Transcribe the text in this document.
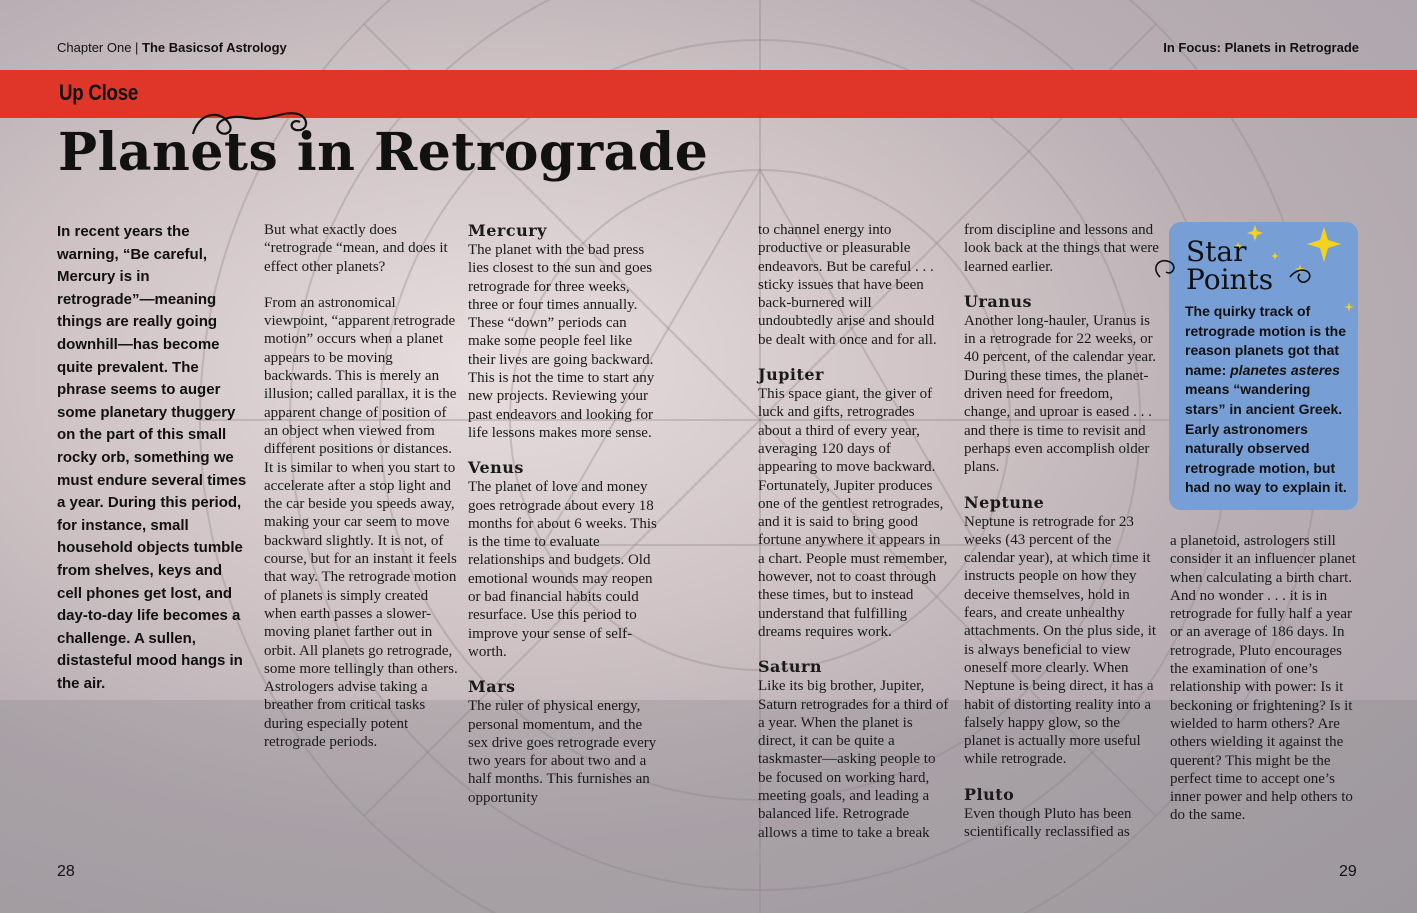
Chapter One | The Basicsof Astrology	In Focus: Planets in Retrograde
Up Close
Planets in Retrograde
In recent years the warning, “Be careful, Mercury is in retrograde”—meaning things are really going downhill—has become quite prevalent. The phrase seems to auger some planetary thuggery on the part of this small rocky orb, something we must endure several times a year. During this period, for instance, small household objects tumble from shelves, keys and cell phones get lost, and day-to-day life becomes a challenge. A sullen, distasteful mood hangs in the air.

But what exactly does “retrograde “mean, and does it effect other planets?

From an astronomical viewpoint, “apparent retrograde motion” occurs when a planet appears to be moving backwards. This is merely an illusion; called parallax, it is the apparent change of position of an object when viewed from different positions or distances. It is similar to when you start to accelerate after a stop light and the car beside you speeds away, making your car seem to move backward slightly. It is not, of course, but for an instant it feels that way. The retrograde motion of planets is simply created when earth passes a slower-moving planet farther out in orbit. All planets go retrograde, some more tellingly than others. Astrologers advise taking a breather from critical tasks during especially potent retrograde periods.

Mercury

The planet with the bad press lies closest to the sun and goes retrograde for three weeks, three or four times annually. These “down” periods can make some people feel like their lives are going backward. This is not the time to start any new projects. Reviewing your past endeavors and looking for life lessons makes more sense.

Venus

The planet of love and money goes retrograde about every 18 months for about 6 weeks. This is the time to evaluate relationships and budgets. Old emotional wounds may reopen or bad financial habits could resurface. Use this period to improve your sense of self-worth.

Mars

The ruler of physical energy, personal momentum, and the sex drive goes retrograde every two years for about two and a half months. This furnishes an opportunity

to channel energy into productive or pleasurable endeavors. But be careful . . . sticky issues that have been back-burnered will undoubtedly arise and should be dealt with once and for all.

Jupiter

This space giant, the giver of luck and gifts, retrogrades about a third of every year, averaging 120 days of appearing to move backward. Fortunately, Jupiter produces one of the gentlest retrogrades, and it is said to bring good fortune anywhere it appears in a chart. People must remember, however, not to coast through these times, but to instead understand that fulfilling dreams requires work.

Saturn

Like its big brother, Jupiter, Saturn retrogrades for a third of a year. When the planet is direct, it can be quite a taskmaster—asking people to be focused on working hard, meeting goals, and leading a balanced life. Retrograde allows a time to take a break

from discipline and lessons and look back at the things that were learned earlier.

Uranus

Another long-hauler, Uranus is in a retrograde for 22 weeks, or 40 percent, of the calendar year. During these times, the planet-driven need for freedom, change, and uproar is eased . . . and there is time to revisit and perhaps even accomplish older plans.

Neptune

Neptune is retrograde for 23 weeks (43 percent of the calendar year), at which time it instructs people on how they deceive themselves, hold in fears, and create unhealthy attachments. On the plus side, it is always beneficial to view oneself more clearly. When Neptune is being direct, it has a habit of distorting reality into a falsely happy glow, so the planet is actually more useful while retrograde.

Pluto

Even though Pluto has been scientifically reclassified as

Star
Points
The quirky track of retrograde motion is the reason planets got that name: planetes asteres means “wandering stars” in ancient Greek. Early astronomers naturally observed retrograde motion, but had no way to explain it.

a planetoid, astrologers still consider it an influencer planet when calculating a birth chart. And no wonder . . . it is in retrograde for fully half a year or an average of 186 days. In retrograde, Pluto encourages the examination of one’s relationship with power: Is it beckoning or frightening? Is it wielded to harm others? Are others wielding it against the querent? This might be the perfect time to accept one’s inner power and help others to do the same.

28	29
